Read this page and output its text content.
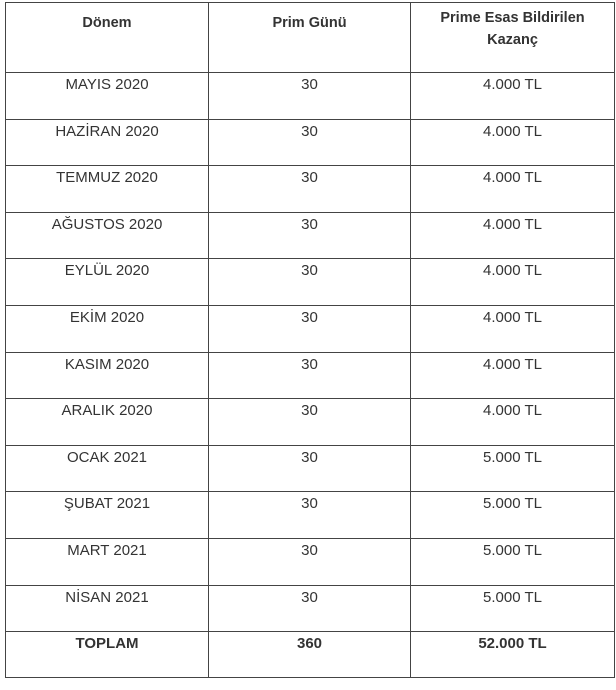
Dönem	Prim Günü	Prime Esas Bildirilen Kazanç

MAYIS 2020	30	4.000 TL

HAZİRAN 2020	30	4.000 TL

TEMMUZ 2020	30	4.000 TL

AĞUSTOS 2020	30	4.000 TL

EYLÜL 2020	30	4.000 TL

EKİM 2020	30	4.000 TL

KASIM 2020	30	4.000 TL

ARALIK 2020	30	4.000 TL

OCAK 2021	30	5.000 TL

ŞUBAT 2021	30	5.000 TL

MART 2021	30	5.000 TL

NİSAN 2021	30	5.000 TL

TOPLAM	360	52.000 TL
